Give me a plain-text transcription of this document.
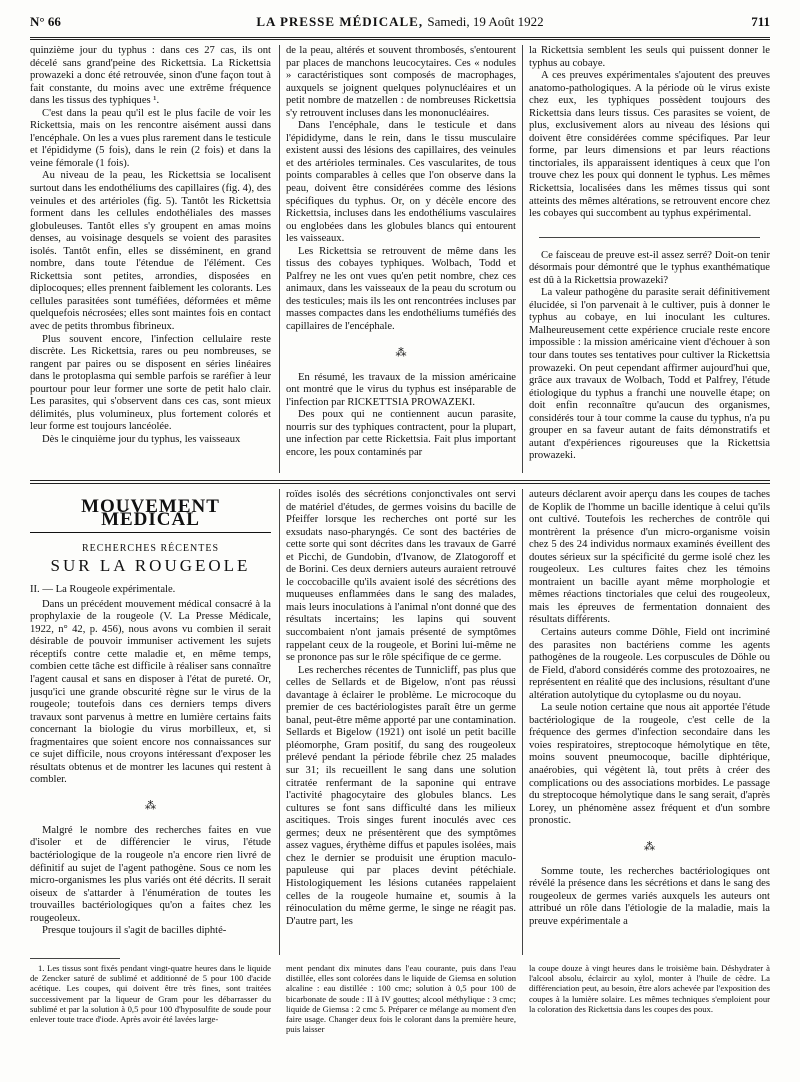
N° 66	LA PRESSE MÉDICALE, Samedi, 19 Août 1922	711

quinzième jour du typhus : dans ces 27 cas, ils ont décelé sans grand'peine des Rickettsia. La Rickettsia prowazeki a donc été retrouvée, sinon d'une façon tout à fait constante, du moins avec une extrême fréquence dans les tissus des typhiques ¹.

C'est dans la peau qu'il est le plus facile de voir les Rickettsia, mais on les rencontre aisément aussi dans l'encéphale. On les a vues plus rarement dans le testicule et l'épididyme (5 fois), dans le rein (2 fois) et dans la veine fémorale (1 fois).

Au niveau de la peau, les Rickettsia se localisent surtout dans les endothéliums des capillaires (fig. 4), des veinules et des artérioles (fig. 5). Tantôt les Rickettsia forment dans les cellules endothéliales des masses globuleuses. Tantôt elles s'y groupent en amas moins denses, au voisinage desquels se voient des parasites isolés. Tantôt enfin, elles se disséminent, en grand nombre, dans toute l'étendue de l'élément. Ces Rickettsia sont petites, arrondies, disposées en diplocoques; elles prennent faiblement les colorants. Les cellules parasitées sont tuméfiées, déformées et même quelquefois nécrosées; elles sont maintes fois en contact avec de petits thrombus fibrineux.

Plus souvent encore, l'infection cellulaire reste discrète. Les Rickettsia, rares ou peu nombreuses, se rangent par paires ou se disposent en séries linéaires dans le protoplasma qui semble parfois se raréfier à leur pourtour pour leur former une sorte de petit halo clair. Les parasites, qui s'observent dans ces cas, sont mieux délimités, plus volumineux, plus fortement colorés et leur forme est toujours lancéolée.

Dès le cinquième jour du typhus, les vaisseaux

de la peau, altérés et souvent thrombosés, s'entourent par places de manchons leucocytaires. Ces « nodules » caractéristiques sont composés de macrophages, auxquels se joignent quelques polynucléaires et un petit nombre de matzellen : de nombreuses Rickettsia s'y retrouvent incluses dans les mononucléaires.

Dans l'encéphale, dans le testicule et dans l'épididyme, dans le rein, dans le tissu musculaire existent aussi des lésions des capillaires, des veinules et des artérioles terminales. Ces vascularites, de tous points comparables à celles que l'on observe dans la peau, doivent être considérées comme des lésions spécifiques du typhus. Or, on y décèle encore des Rickettsia, incluses dans les endothéliums vasculaires ou englobées dans les globules blancs qui entourent les vaisseaux.

Les Rickettsia se retrouvent de même dans les tissus des cobayes typhiques. Wolbach, Todd et Palfrey ne les ont vues qu'en petit nombre, chez ces animaux, dans les vaisseaux de la peau du scrotum ou des testicules; mais ils les ont rencontrées incluses par masses compactes dans les endothéliums tuméfiés des capillaires de l'encéphale.

⁂

En résumé, les travaux de la mission américaine ont montré que le virus du typhus est inséparable de l'infection par RICKETTSIA PROWAZEKI.

Des poux qui ne contiennent aucun parasite, nourris sur des typhiques contractent, pour la plupart, une infection par cette Rickettsia. Fait plus important encore, les poux contaminés par

la Rickettsia semblent les seuls qui puissent donner le typhus au cobaye.

A ces preuves expérimentales s'ajoutent des preuves anatomo-pathologiques. A la période où le virus existe chez eux, les typhiques possèdent toujours des Rickettsia dans leurs tissus. Ces parasites se voient, de plus, exclusivement alors au niveau des lésions qui doivent être considérées comme spécifiques. Par leur forme, par leurs dimensions et par leurs réactions tinctoriales, ils apparaissent identiques à ceux que l'on trouve chez les poux qui donnent le typhus. Les mêmes Rickettsia, localisées dans les mêmes tissus qui sont atteints des mêmes altérations, se retrouvent encore chez les cobayes qui succombent au typhus expérimental.

Ce faisceau de preuve est-il assez serré? Doit-on tenir désormais pour démontré que le typhus exanthématique est dû à la Rickettsia prowazeki?

La valeur pathogène du parasite serait définitivement élucidée, si l'on parvenait à le cultiver, puis à donner le typhus au cobaye, en lui inoculant les cultures. Malheureusement cette expérience cruciale reste encore impossible : la mission américaine vient d'échouer à son tour dans toutes ses tentatives pour cultiver la Rickettsia prowazeki. On peut cependant affirmer aujourd'hui que, grâce aux travaux de Wolbach, Todd et Palfrey, l'étude étiologique du typhus a franchi une nouvelle étape; on doit enfin reconnaître qu'aucun des organismes, considérés tour à tour comme la cause du typhus, n'a pu grouper en sa faveur autant de faits démonstratifs et autant d'expériences rigoureuses que la Rickettsia prowazeki.

MOUVEMENT MÉDICAL
RECHERCHES RÉCENTES
SUR LA ROUGEOLE
II. — La Rougeole expérimentale.

Dans un précédent mouvement médical consacré à la prophylaxie de la rougeole (V. La Presse Médicale, 1922, n° 42, p. 456), nous avons vu combien il serait désirable de pouvoir immuniser activement les sujets réceptifs contre cette maladie et, en même temps, combien cette tâche est difficile à réaliser sans connaître l'agent causal et sans en disposer à l'état de pureté. Or, jusqu'ici une grande obscurité règne sur le virus de la rougeole; toutefois dans ces derniers temps divers travaux sont parvenus à mettre en lumière certains faits concernant la biologie du virus morbilleux, et, si fragmentaires que soient encore nos connaissances sur ce sujet difficile, nous croyons intéressant d'exposer les résultats obtenus et de montrer les lacunes qui restent à combler.

⁂

Malgré le nombre des recherches faites en vue d'isoler et de différencier le virus, l'étude bactériologique de la rougeole n'a encore rien livré de définitif au sujet de l'agent pathogène. Sous ce nom les micro-organismes les plus variés ont été décrits. Il serait oiseux de s'attarder à l'énumération de toutes les trouvailles bactériologiques qu'on a faites chez les rougeoleux.

Presque toujours il s'agit de bacilles diphté-

roïdes isolés des sécrétions conjonctivales ont servi de matériel d'études, de germes voisins du bacille de Pfeiffer lorsque les recherches ont porté sur les exsudats naso-pharyngés. Ce sont des bactéries de cette sorte qui sont décrites dans les travaux de Garré et Picchi, de Gundobin, d'Ivanow, de Zlatogoroff et de Borini. Ces deux derniers auteurs auraient retrouvé le coccobacille qu'ils avaient isolé des sécrétions des muqueuses enflammées dans le sang des malades, mais leurs inoculations à l'animal n'ont donné que des résultats incertains; les lapins qui souvent succombaient n'ont jamais présenté de symptômes rappelant ceux de la rougeole, et Borini lui-même ne se prononce pas sur le rôle spécifique de ce germe.

Les recherches récentes de Tunnicliff, pas plus que celles de Sellards et de Bigelow, n'ont pas réussi davantage à éclairer le problème. Le microcoque du premier de ces bactériologistes paraît être un germe banal, peut-être même apporté par une contamination. Sellards et Bigelow (1921) ont isolé un petit bacille pléomorphe, Gram positif, du sang des rougeoleux prélevé pendant la période fébrile chez 25 malades sur 31; ils recueillent le sang dans une solution citratée renfermant de la saponine qui entrave l'activité phagocytaire des globules blancs. Les cultures se font sans difficulté dans les milieux ascitiques. Trois singes furent inoculés avec ces germes; deux ne présentèrent que des symptômes assez vagues, érythème diffus et papules isolées, mais chez le dernier se produisit une éruption maculo-papuleuse qui par places devint pétéchiale. Histologiquement les lésions cutanées rappelaient celles de la rougeole humaine et, soumis à la réinoculation du même germe, le singe ne réagit pas. D'autre part, les

auteurs déclarent avoir aperçu dans les coupes de taches de Koplik de l'homme un bacille identique à celui qu'ils ont cultivé. Toutefois les recherches de contrôle qui montrèrent la présence d'un micro-organisme voisin chez 5 des 24 individus normaux examinés éveillent des doutes sérieux sur la spécificité du germe isolé chez les rougeoleux. Les cultures faites chez les témoins montraient un bacille ayant même morphologie et mêmes réactions tinctoriales que celui des rougeoleux, mais les épreuves de fermentation donnaient des résultats différents.

Certains auteurs comme Döhle, Field ont incriminé des parasites non bactériens comme les agents pathogènes de la rougeole. Les corpuscules de Döhle ou de Field, d'abord considérés comme des protozoaires, ne représentent en réalité que des inclusions, résultant d'une altération autolytique du cytoplasme ou du noyau.

La seule notion certaine que nous ait apportée l'étude bactériologique de la rougeole, c'est celle de la fréquence des germes d'infection secondaire dans les voies respiratoires, streptocoque hémolytique en tête, moins souvent pneumocoque, bacille diphtérique, anaérobies, qui végètent là, tout prêts à créer des complications ou des associations morbides. Le passage du streptocoque hémolytique dans le sang serait, d'après Lorey, un phénomène assez fréquent et d'un sombre pronostic.

⁂

Somme toute, les recherches bactériologiques ont révélé la présence dans les sécrétions et dans le sang des rougeoleux de germes variés auxquels les auteurs ont attribué un rôle dans l'étiologie de la maladie, mais la preuve expérimentale a

1. Les tissus sont fixés pendant vingt-quatre heures dans le liquide de Zencker saturé de sublimé et additionné de 5 pour 100 d'acide acétique. Les coupes, qui doivent être très fines, sont traitées successivement par la liqueur de Gram pour les débarrasser du sublimé et par la solution à 0,5 pour 100 d'hyposulfite de soude pour enlever toute trace d'iode. Après avoir été lavées large-

ment pendant dix minutes dans l'eau courante, puis dans l'eau distillée, elles sont colorées dans le liquide de Giemsa en solution alcaline : eau distillée : 100 cmc; solution à 0,5 pour 100 de bicarbonate de soude : II à IV gouttes; alcool méthylique : 3 cmc; liquide de Giemsa : 2 cmc 5. Préparer ce mélange au moment d'en faire usage. Changer deux fois le colorant dans la première heure, puis laisser

la coupe douze à vingt heures dans le troisième bain. Déshydrater à l'alcool absolu, éclaircir au xylol, monter à l'huile de cèdre. La différenciation peut, au besoin, être alors achevée par l'exposition des coupes à la lumière solaire. Les mêmes techniques s'emploient pour la coloration des Rickettsia dans les coupes des poux.
